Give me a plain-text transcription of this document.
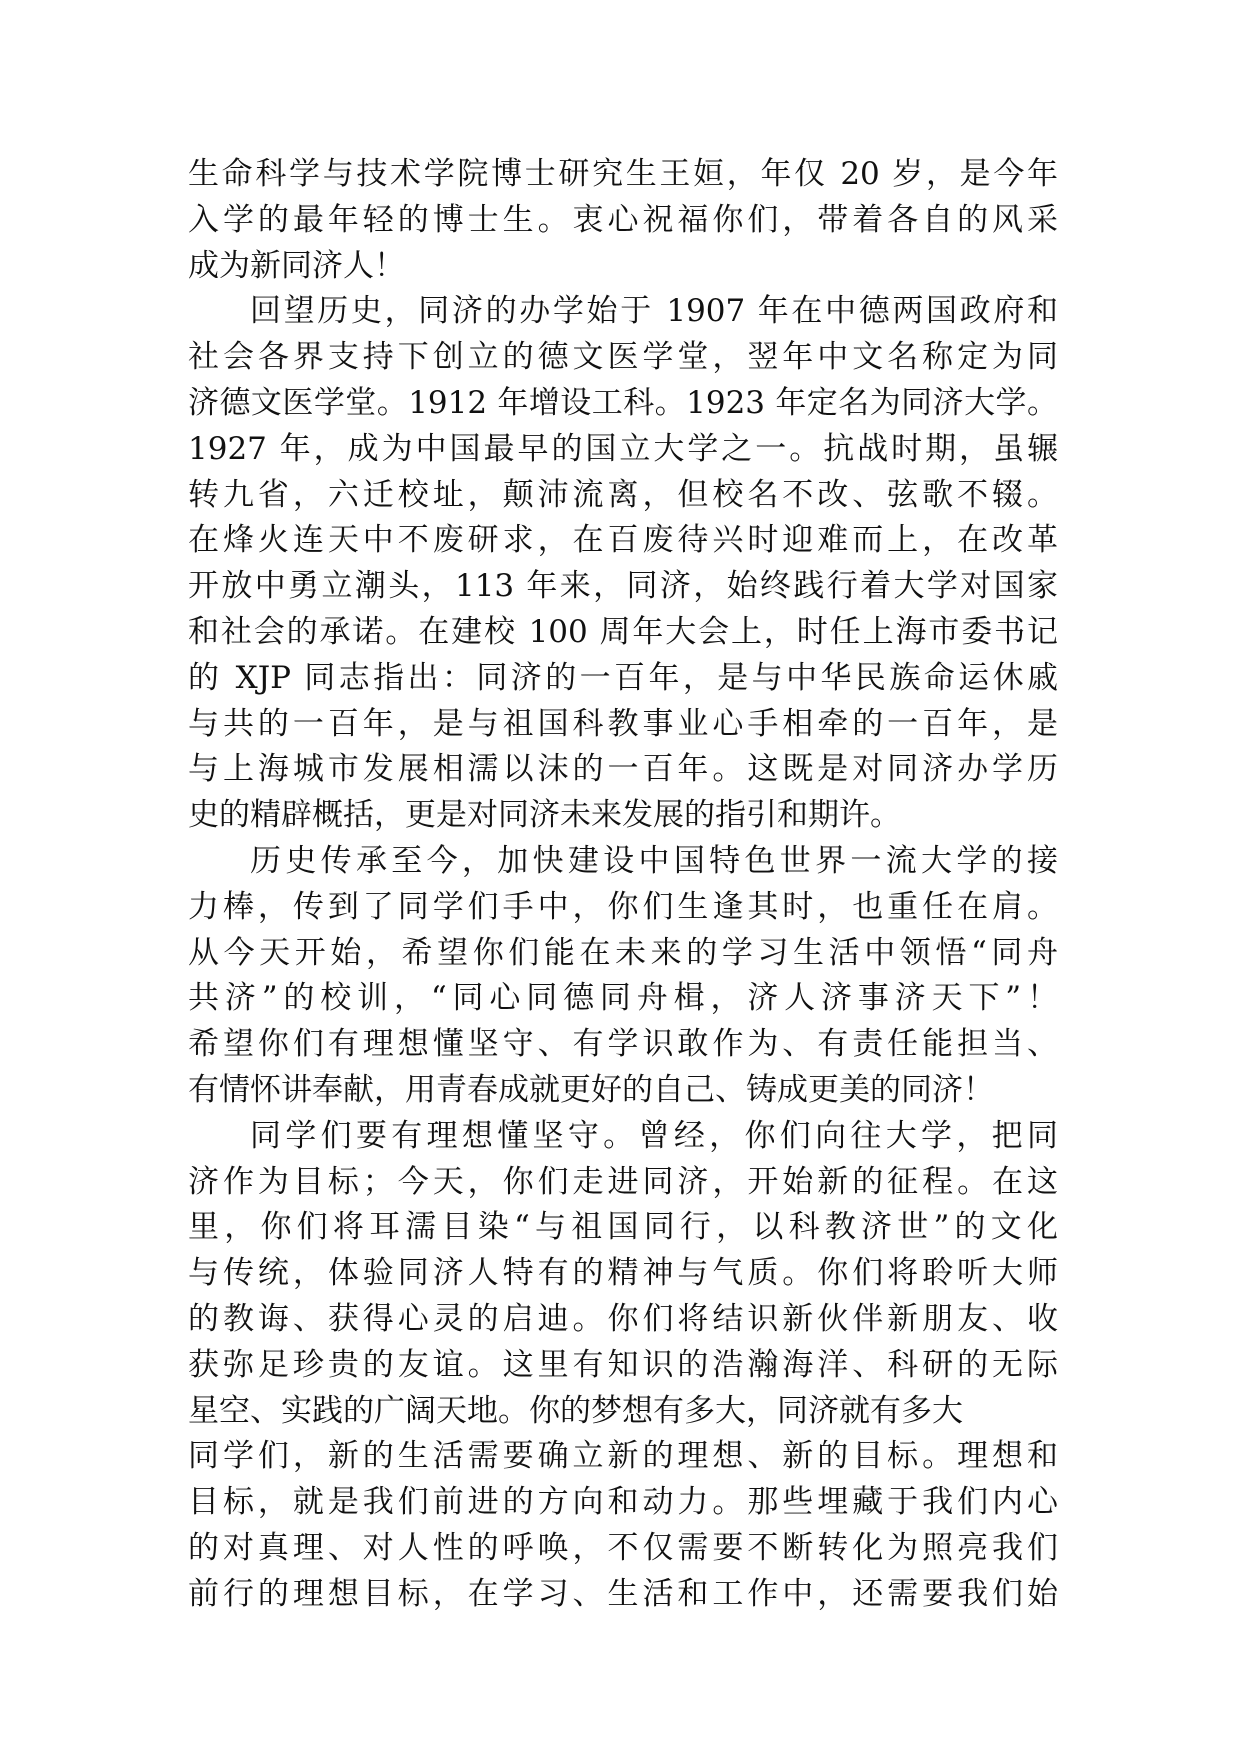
生命科学与技术学院博士研究生王姮，年仅 20 岁，是今年
入学的最年轻的博士生。衷心祝福你们，带着各自的风采
成为新同济人！
回望历史，同济的办学始于 1907 年在中德两国政府和
社会各界支持下创立的德文医学堂，翌年中文名称定为同
济德文医学堂。1912 年增设工科。1923 年定名为同济大学。
1927 年，成为中国最早的国立大学之一。抗战时期，虽辗
转九省，六迁校址，颠沛流离，但校名不改、弦歌不辍。
在烽火连天中不废研求，在百废待兴时迎难而上，在改革
开放中勇立潮头，113 年来，同济，始终践行着大学对国家
和社会的承诺。在建校 100 周年大会上，时任上海市委书记
的 XJP 同志指出：同济的一百年，是与中华民族命运休戚
与共的一百年，是与祖国科教事业心手相牵的一百年，是
与上海城市发展相濡以沫的一百年。这既是对同济办学历
史的精辟概括，更是对同济未来发展的指引和期许。
历史传承至今，加快建设中国特色世界一流大学的接
力棒，传到了同学们手中，你们生逢其时，也重任在肩。
从今天开始，希望你们能在未来的学习生活中领悟“同舟
共济”的校训，“同心同德同舟楫，济人济事济天下”！
希望你们有理想懂坚守、有学识敢作为、有责任能担当、
有情怀讲奉献，用青春成就更好的自己、铸成更美的同济！
同学们要有理想懂坚守。曾经，你们向往大学，把同
济作为目标；今天，你们走进同济，开始新的征程。在这
里，你们将耳濡目染“与祖国同行，以科教济世”的文化
与传统，体验同济人特有的精神与气质。你们将聆听大师
的教诲、获得心灵的启迪。你们将结识新伙伴新朋友、收
获弥足珍贵的友谊。这里有知识的浩瀚海洋、科研的无际
星空、实践的广阔天地。你的梦想有多大，同济就有多大
同学们，新的生活需要确立新的理想、新的目标。理想和
目标，就是我们前进的方向和动力。那些埋藏于我们内心
的对真理、对人性的呼唤，不仅需要不断转化为照亮我们
前行的理想目标，在学习、生活和工作中，还需要我们始
